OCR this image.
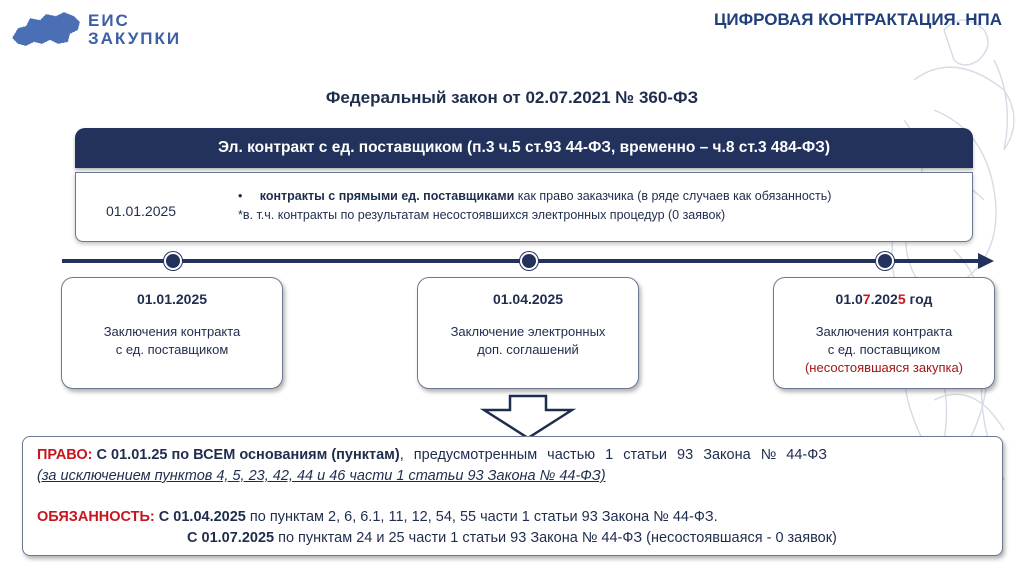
ЕИС
ЗАКУПКИ
ЦИФРОВАЯ КОНТРАКТАЦИЯ. НПА
Федеральный закон от 02.07.2021 № 360-ФЗ
Эл. контракт с ед. поставщиком (п.3 ч.5 ст.93 44-ФЗ, временно – ч.8 ст.3 484-ФЗ)
01.01.2025
• контракты с прямыми ед. поставщиками как право заказчика (в ряде случаев как обязанность)
*в. т.ч. контракты по результатам несостоявшихся электронных процедур (0 заявок)
01.01.2025
Заключения контракта
с ед. поставщиком
01.04.2025
Заключение электронных
доп. соглашений
01.07.2025 год
Заключения контракта
с ед. поставщиком
(несостоявшаяся закупка)
ПРАВО: С 01.01.25 по ВСЕМ основаниям (пунктам), предусмотренным частью 1 статьи 93 Закона № 44-ФЗ
(за исключением пунктов 4, 5, 23, 42, 44 и 46 части 1 статьи 93 Закона № 44-ФЗ)
ОБЯЗАННОСТЬ: С 01.04.2025 по пунктам 2, 6, 6.1, 11, 12, 54, 55 части 1 статьи 93 Закона № 44-ФЗ.
С 01.07.2025 по пунктам 24 и 25 части 1 статьи 93 Закона № 44-ФЗ (несостоявшаяся - 0 заявок)
